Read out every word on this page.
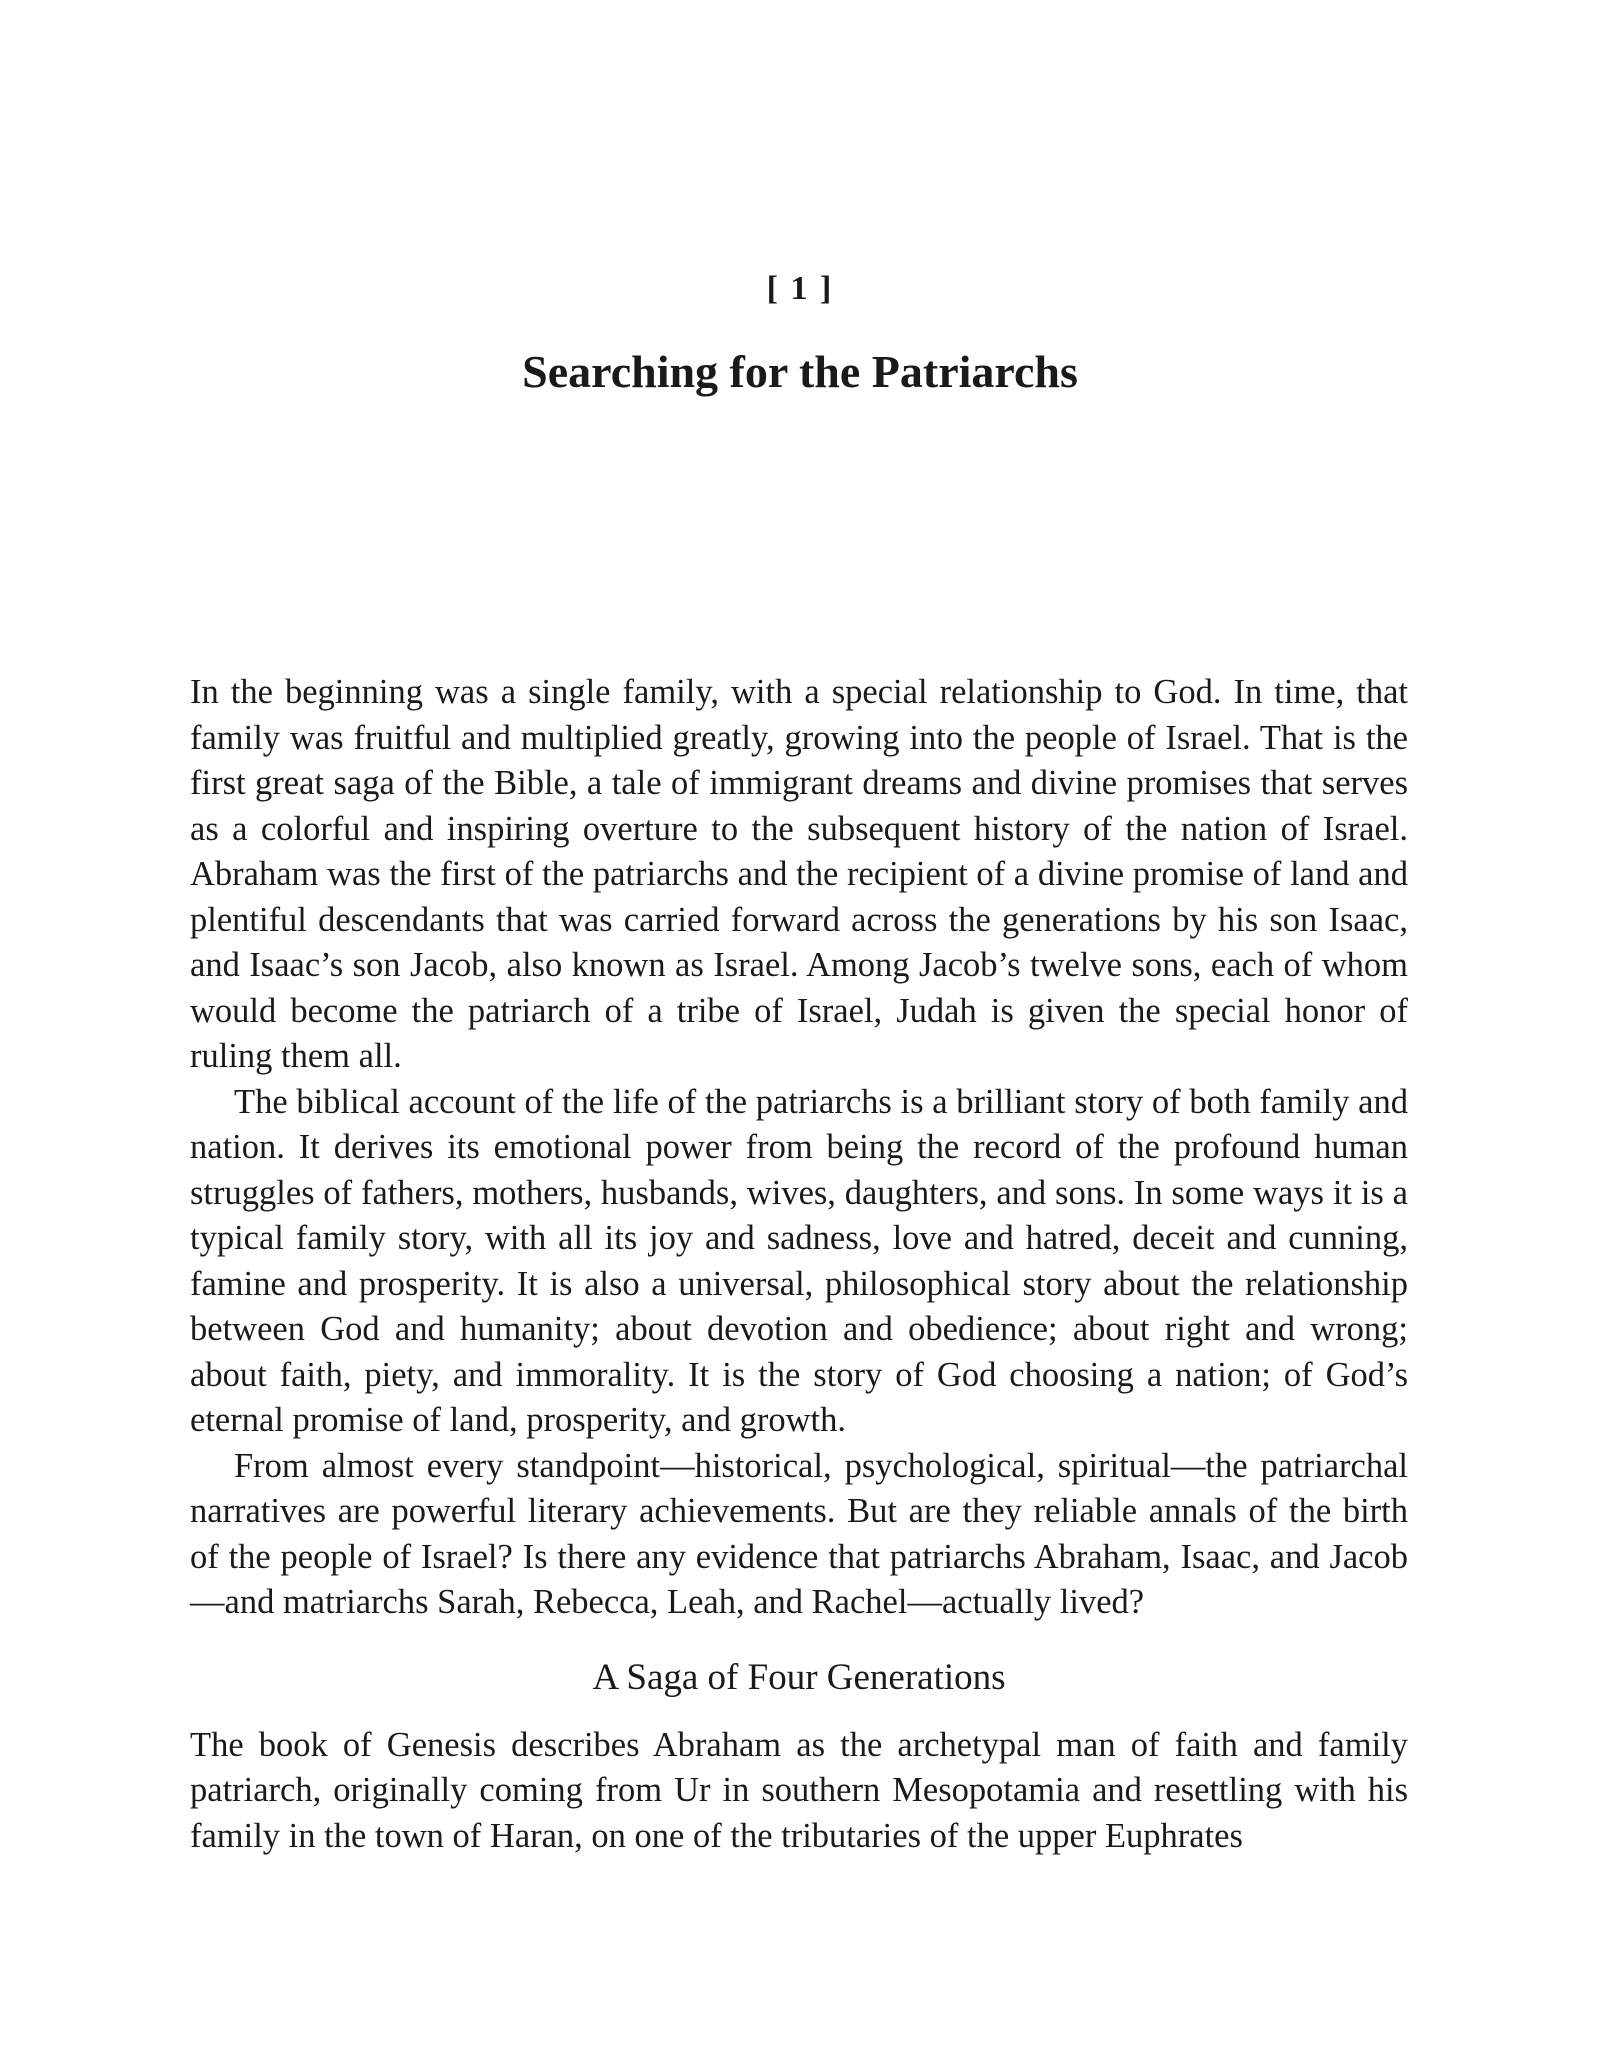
[ 1 ]
Searching for the Patriarchs

In the beginning was a single family, with a special relationship to God. In time, that family was fruitful and multiplied greatly, growing into the people of Israel. That is the first great saga of the Bible, a tale of immigrant dreams and divine promises that serves as a colorful and inspiring overture to the subsequent history of the nation of Israel. Abraham was the first of the patriarchs and the recipient of a divine promise of land and plentiful descendants that was carried forward across the generations by his son Isaac, and Isaac’s son Jacob, also known as Israel. Among Jacob’s twelve sons, each of whom would become the patriarch of a tribe of Israel, Judah is given the special honor of ruling them all.

The biblical account of the life of the patriarchs is a brilliant story of both family and nation. It derives its emotional power from being the record of the profound human struggles of fathers, mothers, husbands, wives, daughters, and sons. In some ways it is a typical family story, with all its joy and sadness, love and hatred, deceit and cunning, famine and prosperity. It is also a universal, philosophical story about the relationship between God and humanity; about devotion and obedience; about right and wrong; about faith, piety, and immorality. It is the story of God choosing a nation; of God’s eternal promise of land, prosperity, and growth.

From almost every standpoint—historical, psychological, spiritual—the patriarchal narratives are powerful literary achievements. But are they reliable annals of the birth of the people of Israel? Is there any evidence that patriarchs Abraham, Isaac, and Jacob—and matriarchs Sarah, Rebecca, Leah, and Rachel—actually lived?

A Saga of Four Generations

The book of Genesis describes Abraham as the archetypal man of faith and family patriarch, originally coming from Ur in southern Mesopotamia and resettling with his family in the town of Haran, on one of the tributaries of the upper Euphrates
